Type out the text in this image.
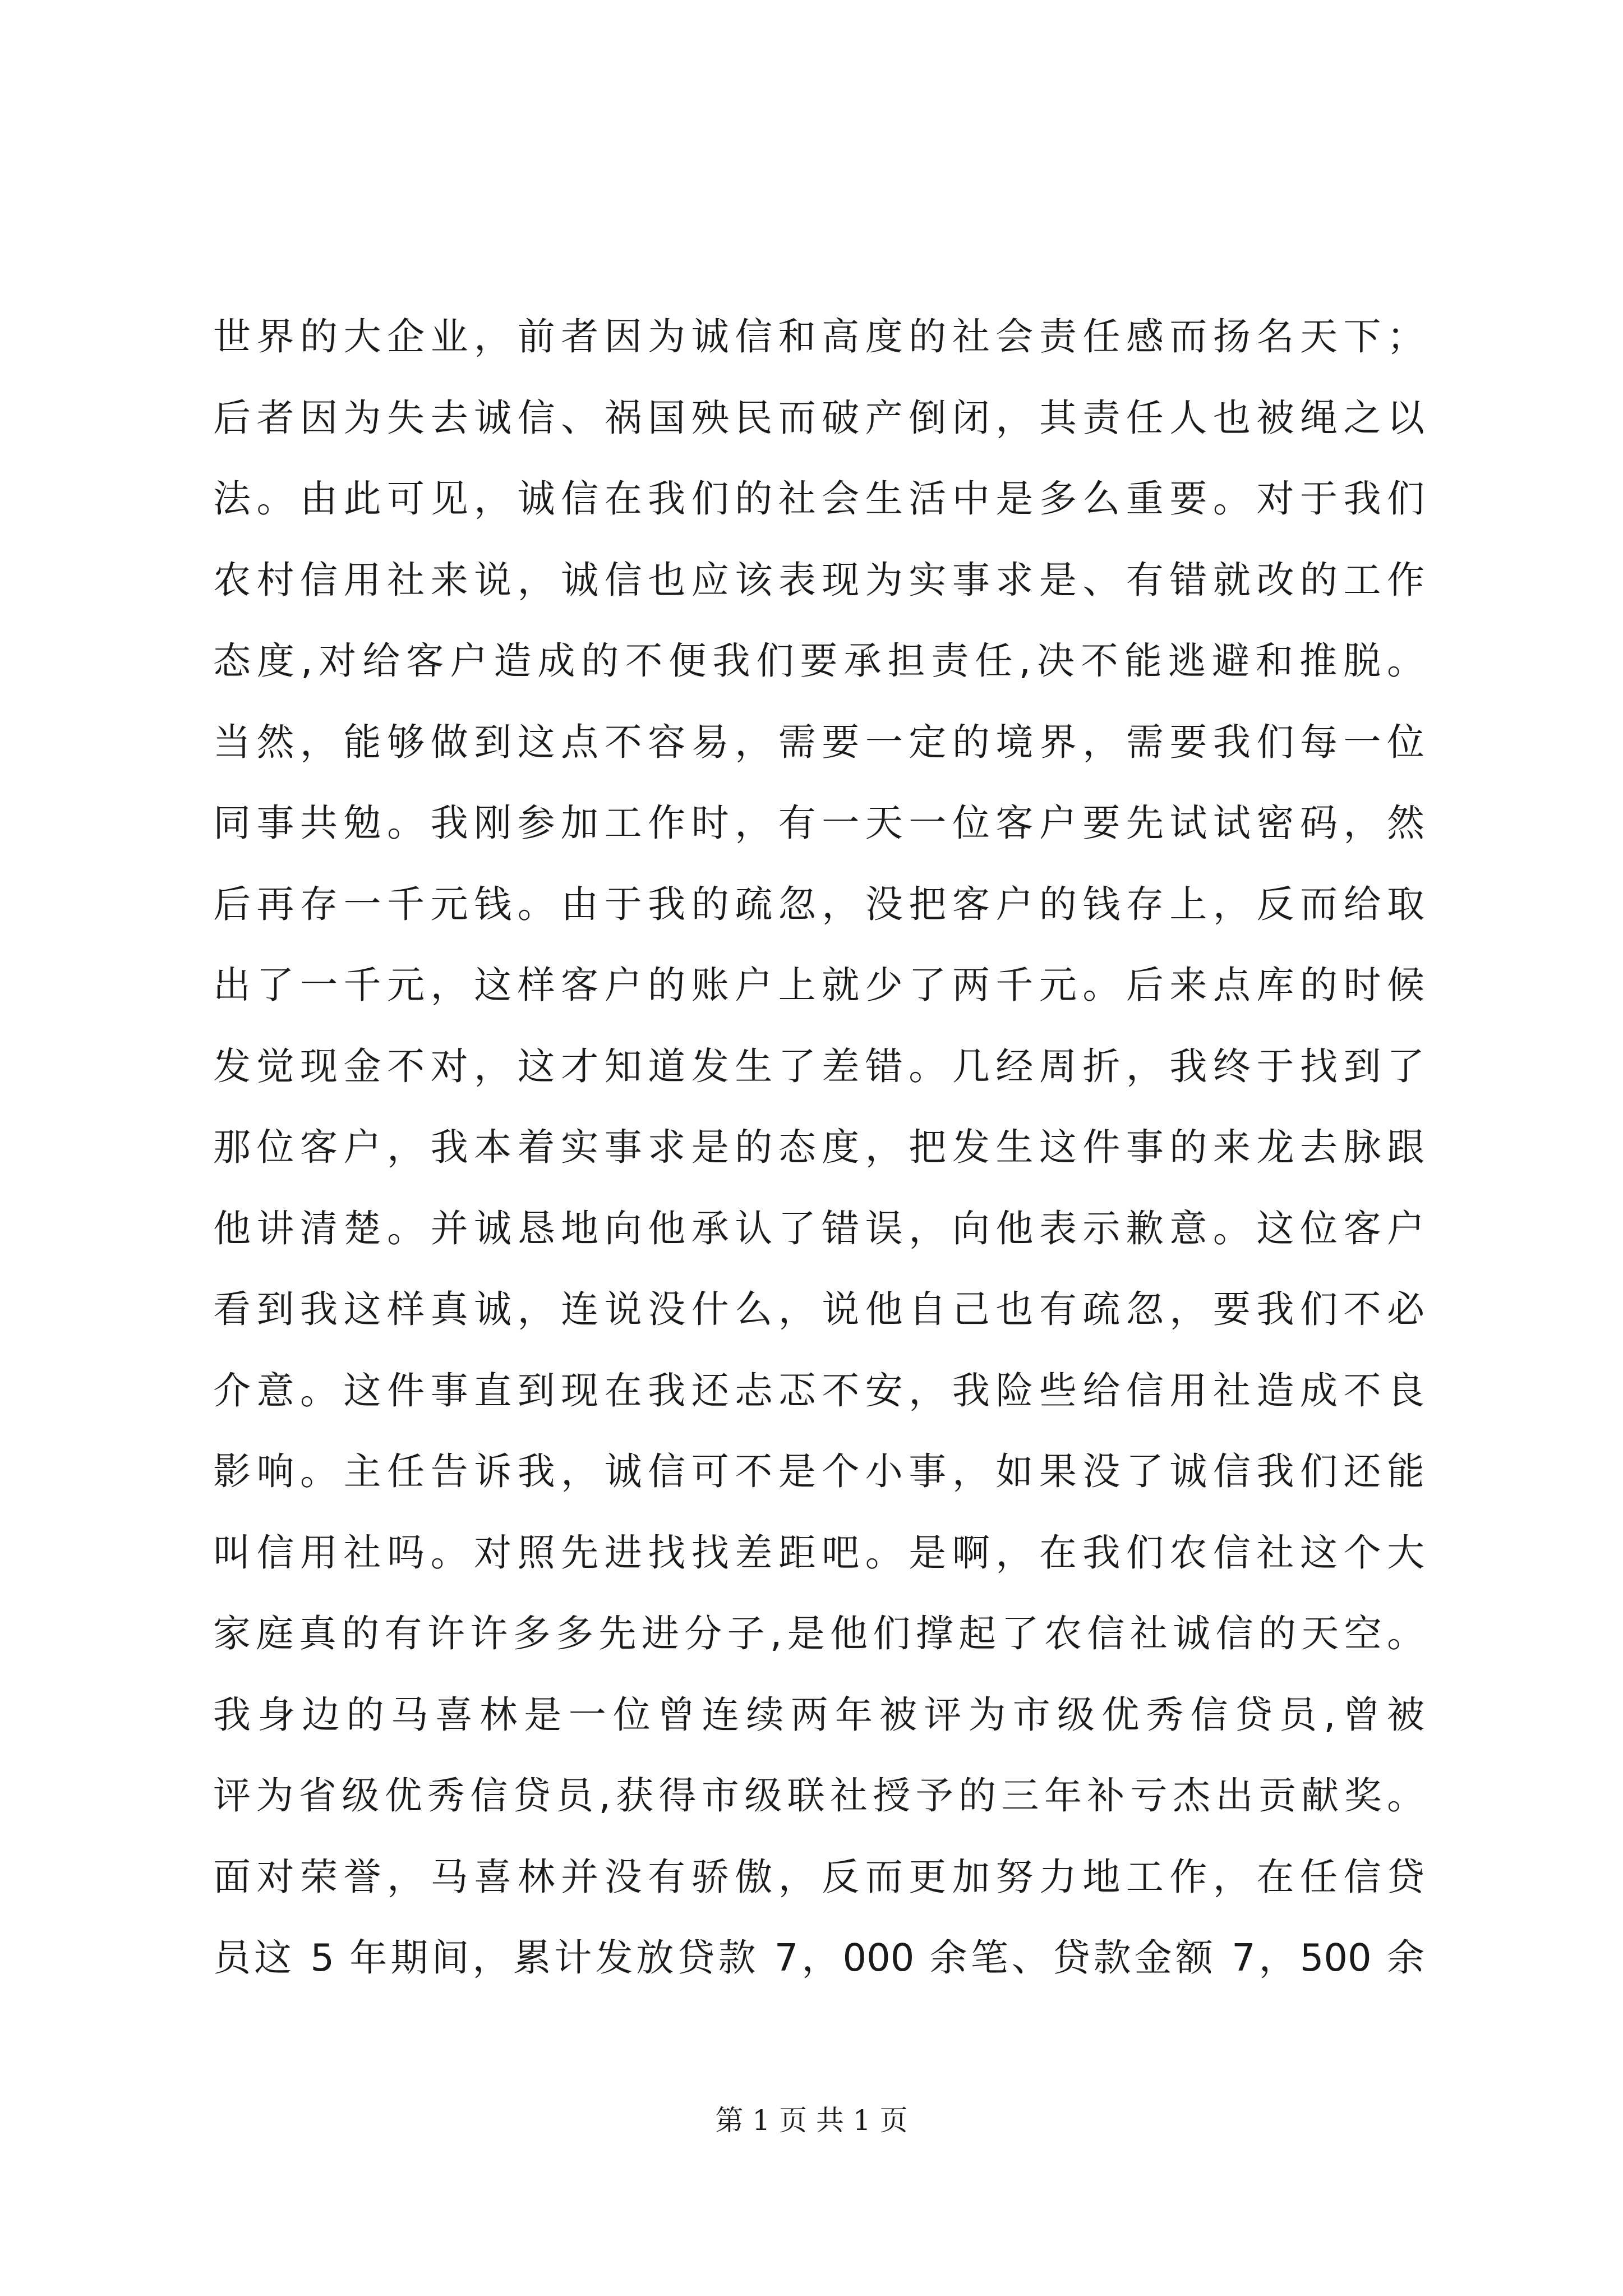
世界的大企业，前者因为诚信和高度的社会责任感而扬名天下；
后者因为失去诚信、祸国殃民而破产倒闭，其责任人也被绳之以
法。由此可见，诚信在我们的社会生活中是多么重要。对于我们
农村信用社来说，诚信也应该表现为实事求是、有错就改的工作
态度,对给客户造成的不便我们要承担责任,决不能逃避和推脱。
当然，能够做到这点不容易，需要一定的境界，需要我们每一位
同事共勉。我刚参加工作时，有一天一位客户要先试试密码，然
后再存一千元钱。由于我的疏忽，没把客户的钱存上，反而给取
出了一千元，这样客户的账户上就少了两千元。后来点库的时候
发觉现金不对，这才知道发生了差错。几经周折，我终于找到了
那位客户，我本着实事求是的态度，把发生这件事的来龙去脉跟
他讲清楚。并诚恳地向他承认了错误，向他表示歉意。这位客户
看到我这样真诚，连说没什么，说他自己也有疏忽，要我们不必
介意。这件事直到现在我还忐忑不安，我险些给信用社造成不良
影响。主任告诉我，诚信可不是个小事，如果没了诚信我们还能
叫信用社吗。对照先进找找差距吧。是啊，在我们农信社这个大
家庭真的有许许多多先进分子,是他们撑起了农信社诚信的天空。
我身边的马喜林是一位曾连续两年被评为市级优秀信贷员,曾被
评为省级优秀信贷员,获得市级联社授予的三年补亏杰出贡献奖。
面对荣誉，马喜林并没有骄傲，反而更加努力地工作，在任信贷
员这 5 年期间，累计发放贷款 7，000 余笔、贷款金额 7，500 余
第 1 页 共 1 页
